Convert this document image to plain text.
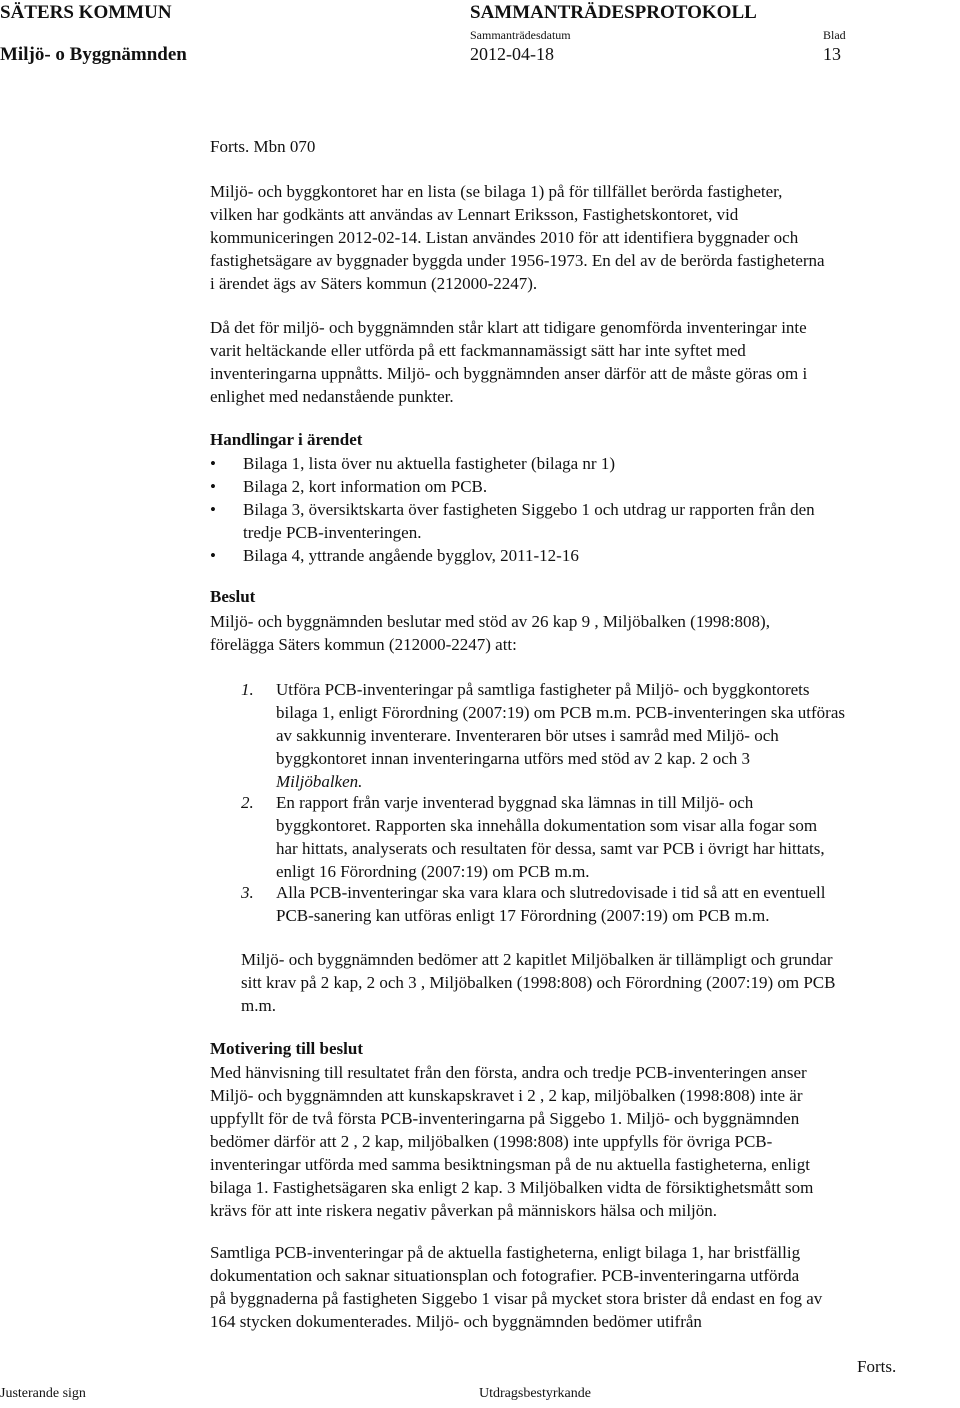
SÄTERS KOMMUN
Miljö- o Byggnämnden
SAMMANTRÄDESPROTOKOLL
Sammanträdesdatum
2012-04-18
Blad
13
Forts. Mbn 070
Miljö- och byggkontoret har en lista (se bilaga 1) på för tillfället berörda fastigheter,
vilken har godkänts att användas av Lennart Eriksson, Fastighetskontoret, vid
kommuniceringen 2012-02-14. Listan användes 2010 för att identifiera byggnader och
fastighetsägare av byggnader byggda under 1956-1973. En del av de berörda fastigheterna
i ärendet ägs av Säters kommun (212000-2247).
Då det för miljö- och byggnämnden står klart att tidigare genomförda inventeringar inte
varit heltäckande eller utförda på ett fackmannamässigt sätt har inte syftet med
inventeringarna uppnåtts. Miljö- och byggnämnden anser därför att de måste göras om i
enlighet med nedanstående punkter.
Handlingar i ärendet
•	Bilaga 1, lista över nu aktuella fastigheter (bilaga nr 1)
•	Bilaga 2, kort information om PCB.
•	Bilaga 3, översiktskarta över fastigheten Siggebo 1 och utdrag ur rapporten från den
tredje PCB-inventeringen.
•	Bilaga 4, yttrande angående bygglov, 2011-12-16
Beslut
Miljö- och byggnämnden beslutar med stöd av 26 kap 9 , Miljöbalken (1998:808),
förelägga Säters kommun (212000-2247) att:
1. Utföra PCB-inventeringar på samtliga fastigheter på Miljö- och byggkontorets
bilaga 1, enligt Förordning (2007:19) om PCB m.m. PCB-inventeringen ska utföras
av sakkunnig inventerare. Inventeraren bör utses i samråd med Miljö- och
byggkontoret innan inventeringarna utförs med stöd av 2 kap. 2 och 3
Miljöbalken.
2. En rapport från varje inventerad byggnad ska lämnas in till Miljö- och
byggkontoret. Rapporten ska innehålla dokumentation som visar alla fogar som
har hittats, analyserats och resultaten för dessa, samt var PCB i övrigt har hittats,
enligt 16 Förordning (2007:19) om PCB m.m.
3. Alla PCB-inventeringar ska vara klara och slutredovisade i tid så att en eventuell
PCB-sanering kan utföras enligt 17 Förordning (2007:19) om PCB m.m.
Miljö- och byggnämnden bedömer att 2 kapitlet Miljöbalken är tillämpligt och grundar
sitt krav på 2 kap, 2 och 3 , Miljöbalken (1998:808) och Förordning (2007:19) om PCB
m.m.
Motivering till beslut
Med hänvisning till resultatet från den första, andra och tredje PCB-inventeringen anser
Miljö- och byggnämnden att kunskapskravet i 2 , 2 kap, miljöbalken (1998:808) inte är
uppfyllt för de två första PCB-inventeringarna på Siggebo 1. Miljö- och byggnämnden
bedömer därför att 2 , 2 kap, miljöbalken (1998:808) inte uppfylls för övriga PCB-
inventeringar utförda med samma besiktningsman på de nu aktuella fastigheterna, enligt
bilaga 1. Fastighetsägaren ska enligt 2 kap. 3 Miljöbalken vidta de försiktighetsmått som
krävs för att inte riskera negativ påverkan på människors hälsa och miljön.
Samtliga PCB-inventeringar på de aktuella fastigheterna, enligt bilaga 1, har bristfällig
dokumentation och saknar situationsplan och fotografier. PCB-inventeringarna utförda
på byggnaderna på fastigheten Siggebo 1 visar på mycket stora brister då endast en fog av
164 stycken dokumenterades. Miljö- och byggnämnden bedömer utifrån
Forts.
Justerande sign	Utdragsbestyrkande
